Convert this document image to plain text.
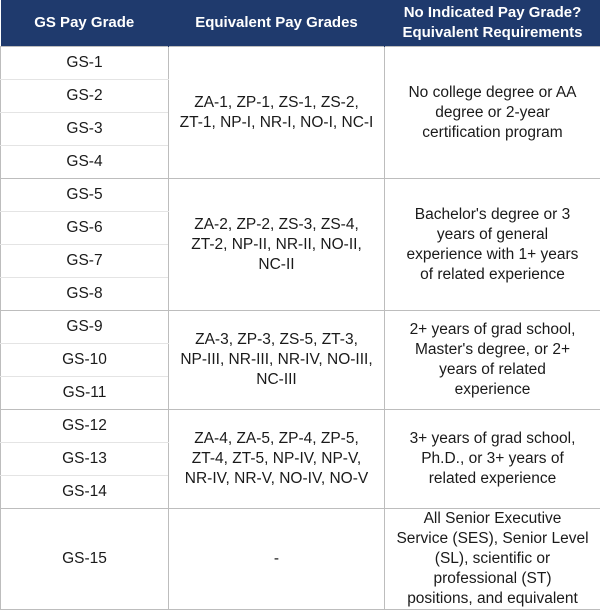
GS Pay Grade	Equivalent Pay Grades	No Indicated Pay Grade?
Equivalent Requirements

GS-1	ZA-1, ZP-1, ZS-1, ZS-2,
ZT-1, NP-I, NR-I, NO-I, NC-I	No college degree or AA
degree or 2-year
certification program
GS-2		
GS-3		
GS-4		
GS-5	ZA-2, ZP-2, ZS-3, ZS-4,
ZT-2, NP-II, NR-II, NO-II,
NC-II	Bachelor's degree or 3
years of general
experience with 1+ years
of related experience
GS-6		
GS-7		
GS-8		
GS-9	ZA-3, ZP-3, ZS-5, ZT-3,
NP-III, NR-III, NR-IV, NO-III,
NC-III	2+ years of grad school,
Master's degree, or 2+
years of related
experience
GS-10		
GS-11		
GS-12	ZA-4, ZA-5, ZP-4, ZP-5,
ZT-4, ZT-5, NP-IV, NP-V,
NR-IV, NR-V, NO-IV, NO-V	3+ years of grad school,
Ph.D., or 3+ years of
related experience
GS-13		
GS-14		
GS-15	-	All Senior Executive
Service (SES), Senior Level
(SL), scientific or
professional (ST)
positions, and equivalent
